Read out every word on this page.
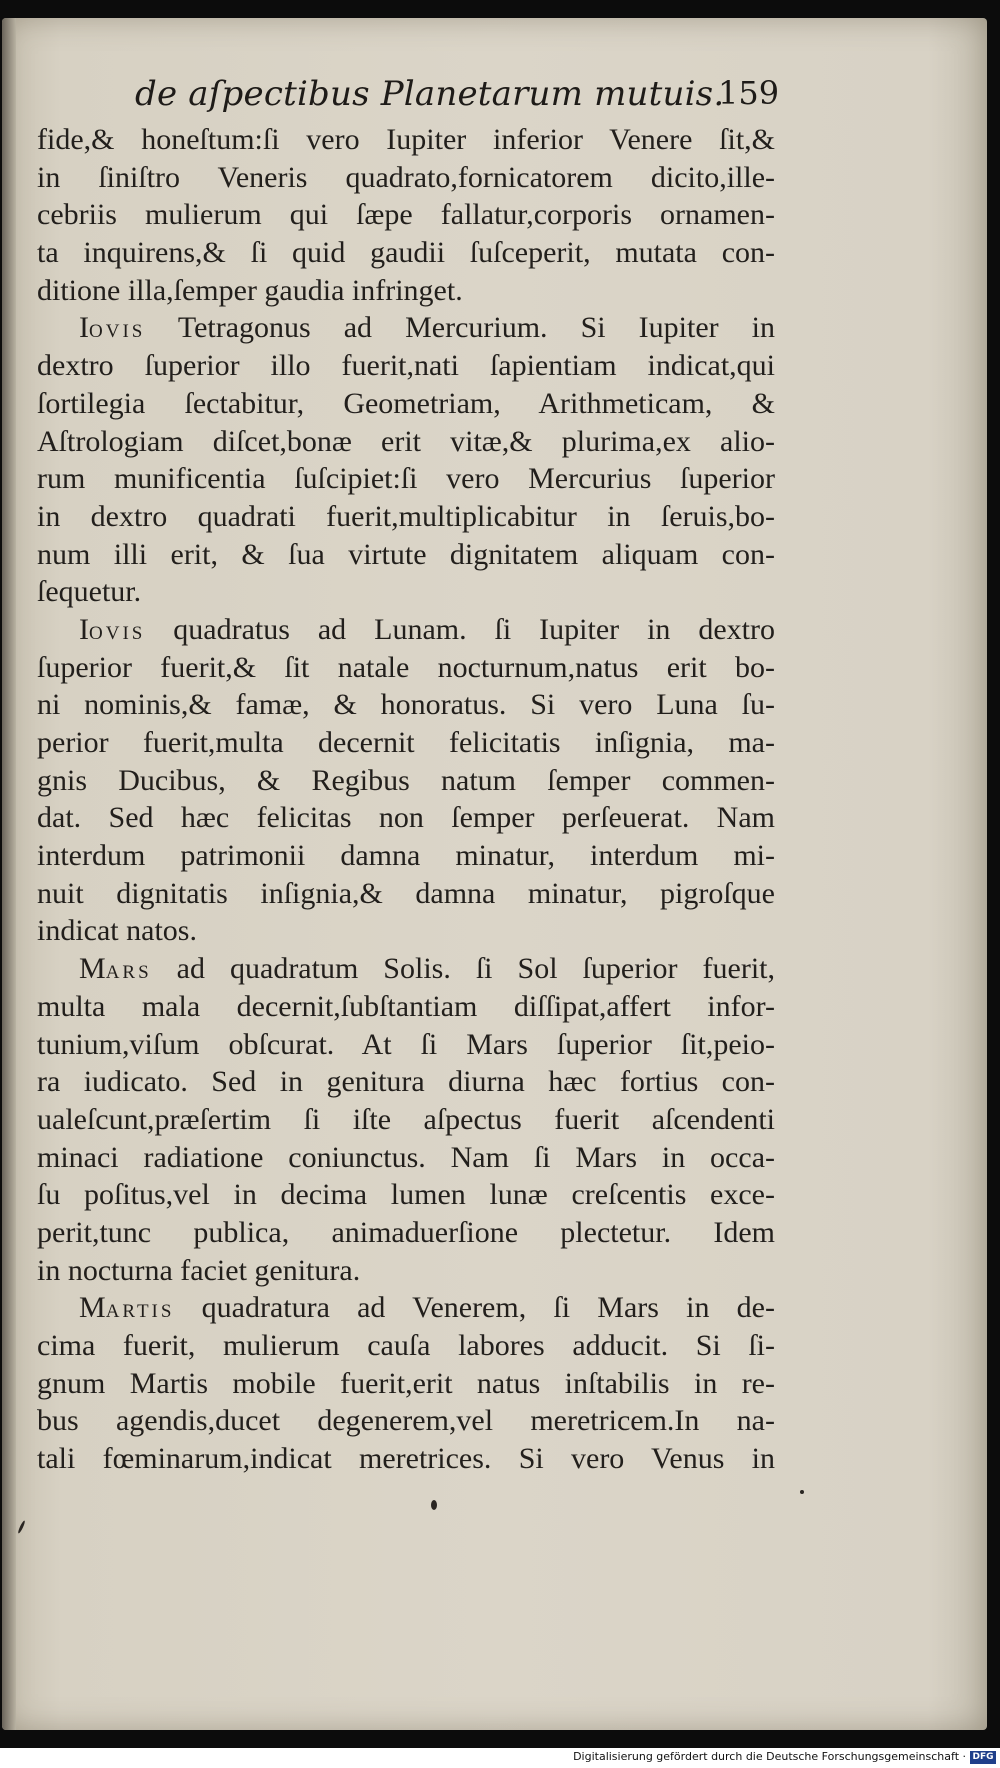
de aſpectibus Planetarum mutuis.
159
fide,& honeſtum:ſi vero Iupiter inferior Venere ſit,&
in ſiniſtro Veneris quadrato,fornicatorem dicito,ille-
cebriis mulierum qui ſæpe fallatur,corporis ornamen-
ta inquirens,& ſi quid gaudii ſuſceperit, mutata con-
ditione illa,ſemper gaudia infringet.
IOVIS Tetragonus ad Mercurium. Si Iupiter in
dextro ſuperior illo fuerit,nati ſapientiam indicat,qui
ſortilegia ſectabitur, Geometriam, Arithmeticam, &
Aſtrologiam diſcet,bonæ erit vitæ,& plurima,ex alio-
rum munificentia ſuſcipiet:ſi vero Mercurius ſuperior
in dextro quadrati fuerit,multiplicabitur in ſeruis,bo-
num illi erit, & ſua virtute dignitatem aliquam con-
ſequetur.
IOVIS quadratus ad Lunam. ſi Iupiter in dextro
ſuperior fuerit,& ſit natale nocturnum,natus erit bo-
ni nominis,& famæ, & honoratus. Si vero Luna ſu-
perior fuerit,multa decernit felicitatis inſignia, ma-
gnis Ducibus, & Regibus natum ſemper commen-
dat. Sed hæc felicitas non ſemper perſeuerat. Nam
interdum patrimonii damna minatur, interdum mi-
nuit dignitatis inſignia,& damna minatur, pigroſque
indicat natos.
MARS ad quadratum Solis. ſi Sol ſuperior fuerit,
multa mala decernit,ſubſtantiam diſſipat,affert infor-
tunium,viſum obſcurat. At ſi Mars ſuperior ſit,peio-
ra iudicato. Sed in genitura diurna hæc fortius con-
ualeſcunt,præſertim ſi iſte aſpectus fuerit aſcendenti
minaci radiatione coniunctus. Nam ſi Mars in occa-
ſu poſitus,vel in decima lumen lunæ creſcentis exce-
perit,tunc publica, animaduerſione plectetur. Idem
in nocturna faciet genitura.
MARTIS quadratura ad Venerem, ſi Mars in de-
cima fuerit, mulierum cauſa labores adducit. Si ſi-
gnum Martis mobile fuerit,erit natus inſtabilis in re-
bus agendis,ducet degenerem,vel meretricem.In na-
tali fœminarum,indicat meretrices. Si vero Venus in
Digitalisierung gefördert durch die Deutsche Forschungsgemeinschaft · DFG
